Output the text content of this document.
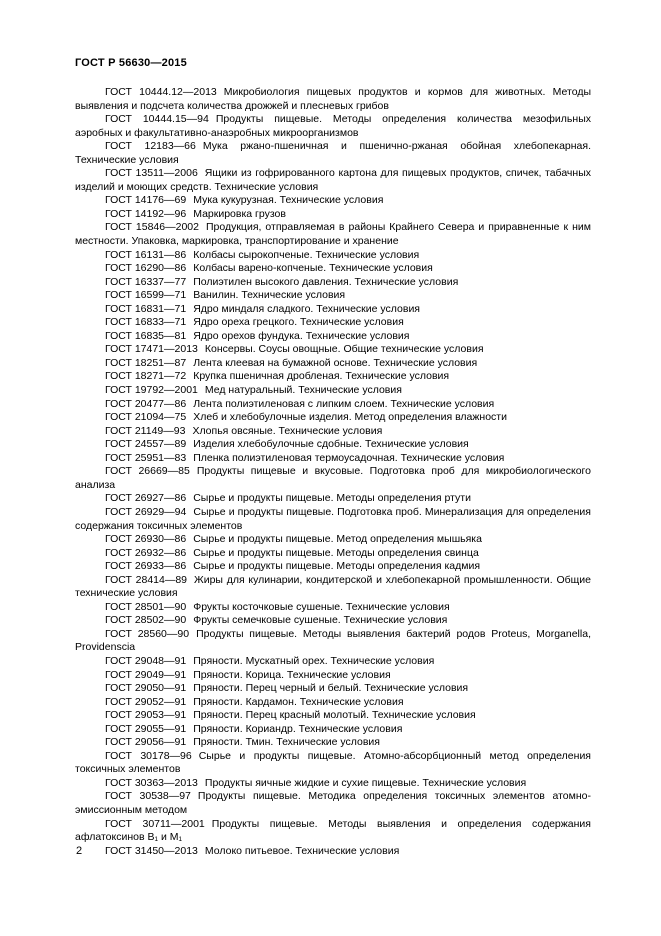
ГОСТ Р 56630—2015

ГОСТ 10444.12—2013 Микробиология пищевых продуктов и кормов для животных. Методы выявления и подсчета количества дрожжей и плесневых грибов

ГОСТ 10444.15—94 Продукты пищевые. Методы определения количества мезофильных аэробных и факультативно-анаэробных микроорганизмов

ГОСТ 12183—66 Мука ржано-пшеничная и пшенично-ржаная обойная хлебопекарная. Технические условия

ГОСТ 13511—2006 Ящики из гофрированного картона для пищевых продуктов, спичек, табачных изделий и моющих средств. Технические условия

ГОСТ 14176—69 Мука кукурузная. Технические условия

ГОСТ 14192—96 Маркировка грузов

ГОСТ 15846—2002 Продукция, отправляемая в районы Крайнего Севера и приравненные к ним местности. Упаковка, маркировка, транспортирование и хранение

ГОСТ 16131—86 Колбасы сырокопченые. Технические условия

ГОСТ 16290—86 Колбасы варено-копченые. Технические условия

ГОСТ 16337—77 Полиэтилен высокого давления. Технические условия

ГОСТ 16599—71 Ванилин. Технические условия

ГОСТ 16831—71 Ядро миндаля сладкого. Технические условия

ГОСТ 16833—71 Ядро ореха грецкого. Технические условия

ГОСТ 16835—81 Ядро орехов фундука. Технические условия

ГОСТ 17471—2013 Консервы. Соусы овощные. Общие технические условия

ГОСТ 18251—87 Лента клеевая на бумажной основе. Технические условия

ГОСТ 18271—72 Крупка пшеничная дробленая. Технические условия

ГОСТ 19792—2001 Мед натуральный. Технические условия

ГОСТ 20477—86 Лента полиэтиленовая с липким слоем. Технические условия

ГОСТ 21094—75 Хлеб и хлебобулочные изделия. Метод определения влажности

ГОСТ 21149—93 Хлопья овсяные. Технические условия

ГОСТ 24557—89 Изделия хлебобулочные сдобные. Технические условия

ГОСТ 25951—83 Пленка полиэтиленовая термоусадочная. Технические условия

ГОСТ 26669—85 Продукты пищевые и вкусовые. Подготовка проб для микробиологического анализа

ГОСТ 26927—86 Сырье и продукты пищевые. Методы определения ртути

ГОСТ 26929—94 Сырье и продукты пищевые. Подготовка проб. Минерализация для определения содержания токсичных элементов

ГОСТ 26930—86 Сырье и продукты пищевые. Метод определения мышьяка

ГОСТ 26932—86 Сырье и продукты пищевые. Методы определения свинца

ГОСТ 26933—86 Сырье и продукты пищевые. Методы определения кадмия

ГОСТ 28414—89 Жиры для кулинарии, кондитерской и хлебопекарной промышленности. Общие технические условия

ГОСТ 28501—90 Фрукты косточковые сушеные. Технические условия

ГОСТ 28502—90 Фрукты семечковые сушеные. Технические условия

ГОСТ 28560—90 Продукты пищевые. Методы выявления бактерий родов Proteus, Morganella, Providenscia

ГОСТ 29048—91 Пряности. Мускатный орех. Технические условия

ГОСТ 29049—91 Пряности. Корица. Технические условия

ГОСТ 29050—91 Пряности. Перец черный и белый. Технические условия

ГОСТ 29052—91 Пряности. Кардамон. Технические условия

ГОСТ 29053—91 Пряности. Перец красный молотый. Технические условия

ГОСТ 29055—91 Пряности. Кориандр. Технические условия

ГОСТ 29056—91 Пряности. Тмин. Технические условия

ГОСТ 30178—96 Сырье и продукты пищевые. Атомно-абсорбционный метод определения токсичных элементов

ГОСТ 30363—2013 Продукты яичные жидкие и сухие пищевые. Технические условия

ГОСТ 30538—97 Продукты пищевые. Методика определения токсичных элементов атомно-эмиссионным методом

ГОСТ 30711—2001 Продукты пищевые. Методы выявления и определения содержания афлатоксинов В₁ и М₁

ГОСТ 31450—2013 Молоко питьевое. Технические условия

2
